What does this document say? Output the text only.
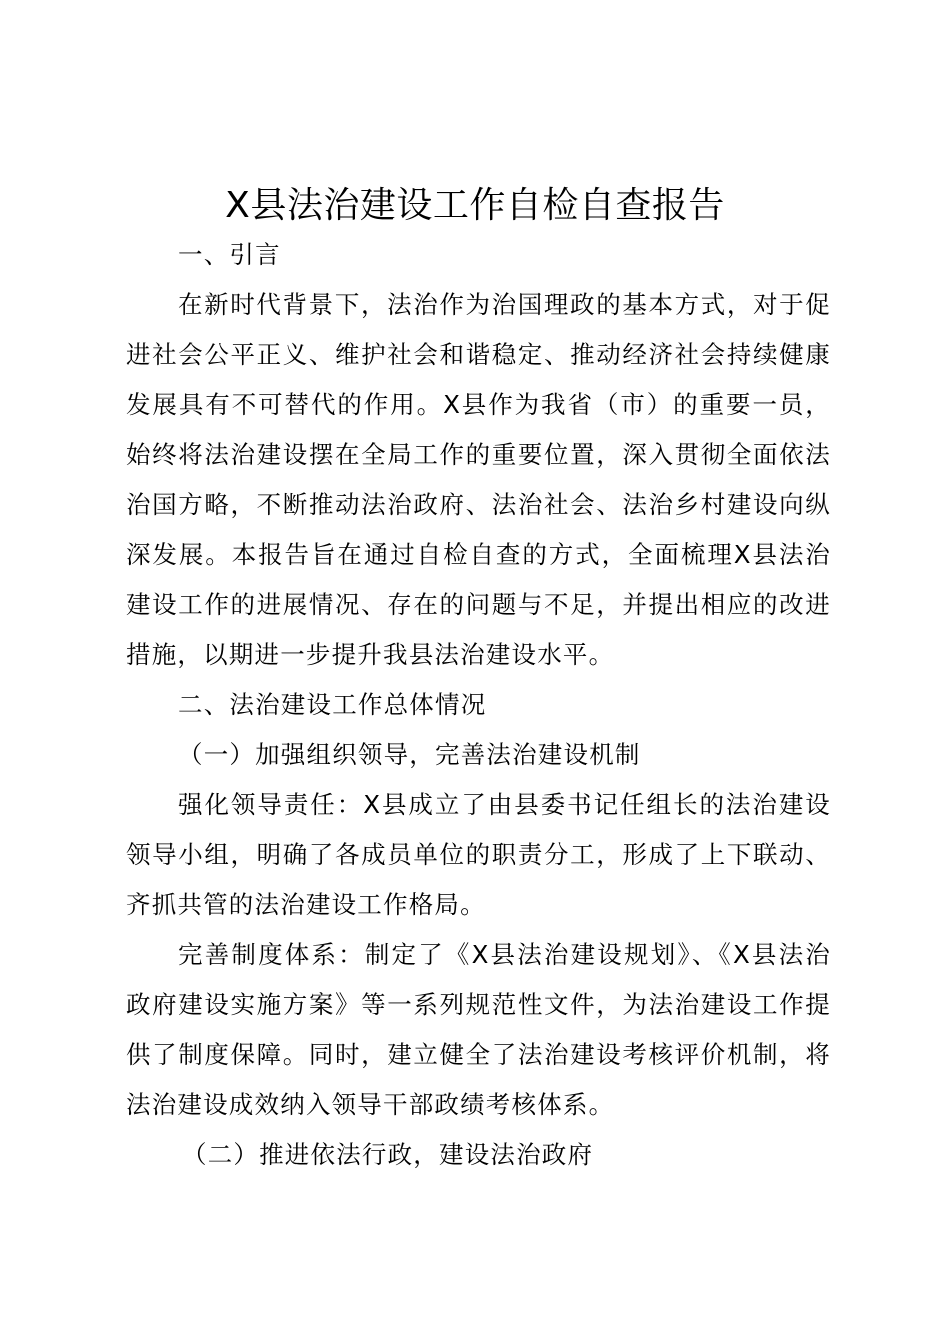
X县法治建设工作自检自查报告

一、引言

在新时代背景下，法治作为治国理政的基本方式，对于促进社会公平正义、维护社会和谐稳定、推动经济社会持续健康发展具有不可替代的作用。X县作为我省（市）的重要一员，始终将法治建设摆在全局工作的重要位置，深入贯彻全面依法治国方略，不断推动法治政府、法治社会、法治乡村建设向纵深发展。本报告旨在通过自检自查的方式，全面梳理X县法治建设工作的进展情况、存在的问题与不足，并提出相应的改进措施，以期进一步提升我县法治建设水平。

二、法治建设工作总体情况

（一）加强组织领导，完善法治建设机制

强化领导责任：X县成立了由县委书记任组长的法治建设领导小组，明确了各成员单位的职责分工，形成了上下联动、齐抓共管的法治建设工作格局。

完善制度体系：制定了《X县法治建设规划》、《X县法治政府建设实施方案》等一系列规范性文件，为法治建设工作提供了制度保障。同时，建立健全了法治建设考核评价机制，将法治建设成效纳入领导干部政绩考核体系。

（二）推进依法行政，建设法治政府
